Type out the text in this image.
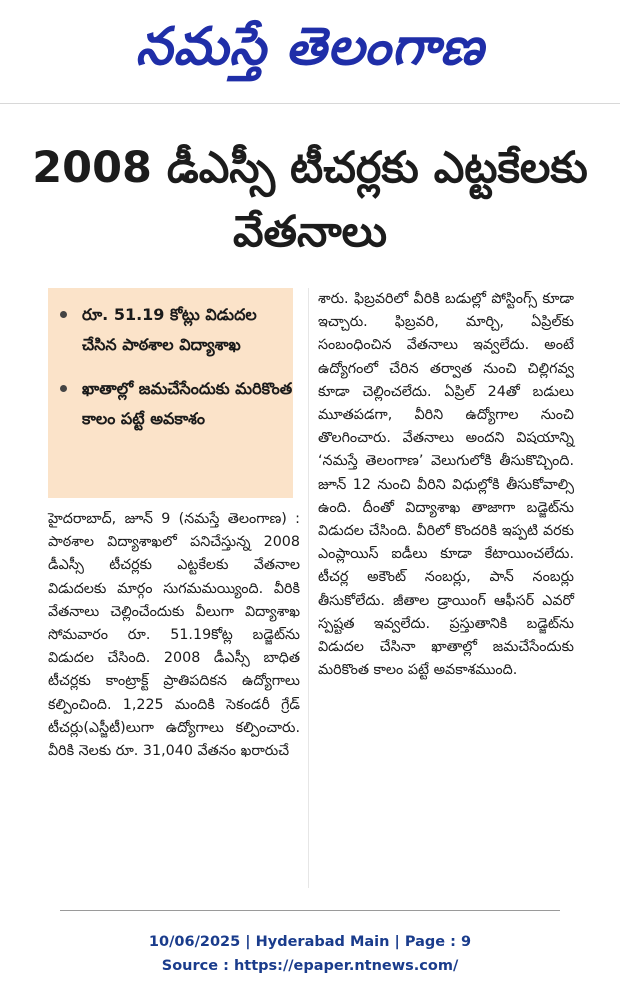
నమస్తే తెలంగాణ
2008 డీఎస్సీ టీచర్లకు ఎట్టకేలకు వేతనాలు
రూ. 51.19 కోట్లు విడుదల చేసిన పాఠశాల విద్యాశాఖ
ఖాతాల్లో జమచేసేందుకు మరికొంత కాలం పట్టే అవకాశం
హైదరాబాద్, జూన్ 9 (నమస్తే తెలంగాణ) : పాఠశాల విద్యాశాఖలో పనిచేస్తున్న 2008 డీఎస్సీ టీచర్లకు ఎట్టకేలకు వేతనాల విడుదలకు మార్గం సుగమమయ్యింది. వీరికి వేతనాలు చెల్లించేందుకు వీలుగా విద్యాశాఖ సోమవారం రూ. 51.19కోట్ల బడ్జెట్‌ను విడుదల చేసింది. 2008 డీఎస్సీ బాధిత టీచర్లకు కాంట్రాక్ట్ ప్రాతిపదికన ఉద్యోగాలు కల్పించింది. 1,225 మందికి సెకండరీ గ్రేడ్ టీచర్లు(ఎస్జీటీ)లుగా ఉద్యోగాలు కల్పించారు. వీరికి నెలకు రూ. 31,040 వేతనం ఖరారుచే
శారు. ఫిబ్రవరిలో వీరికి బడుల్లో పోస్టింగ్స్ కూడా ఇచ్చారు. ఫిబ్రవరి, మార్చి, ఏప్రిల్‌కు సంబంధించిన వేతనాలు ఇవ్వలేదు. అంటే ఉద్యోగంలో చేరిన తర్వాత నుంచి చిల్లిగవ్వ కూడా చెల్లించలేదు. ఏప్రిల్ 24తో బడులు మూతపడగా, వీరిని ఉద్యోగాల నుంచి తొలగించారు. వేతనాలు అందని విషయాన్ని ‘నమస్తే తెలంగాణ’ వెలుగులోకి తీసుకొచ్చింది. జూన్ 12 నుంచి వీరిని విధుల్లోకి తీసుకోవాల్సి ఉంది. దీంతో విద్యాశాఖ తాజాగా బడ్జెట్‌ను విడుదల చేసింది. వీరిలో కొందరికి ఇప్పటి వరకు ఎంప్లాయిస్ ఐడీలు కూడా కేటాయించలేదు. టీచర్ల అకౌంట్ నంబర్లు, పాన్ నంబర్లు తీసుకోలేదు. జీతాల డ్రాయింగ్ ఆఫీసర్ ఎవరో స్పష్టత ఇవ్వలేదు. ప్రస్తుతానికి బడ్జెట్‌ను విడుదల చేసినా ఖాతాల్లో జమచేసేందుకు మరికొంత కాలం పట్టే అవకాశముంది.
10/06/2025 | Hyderabad Main | Page : 9
Source : https://epaper.ntnews.com/
